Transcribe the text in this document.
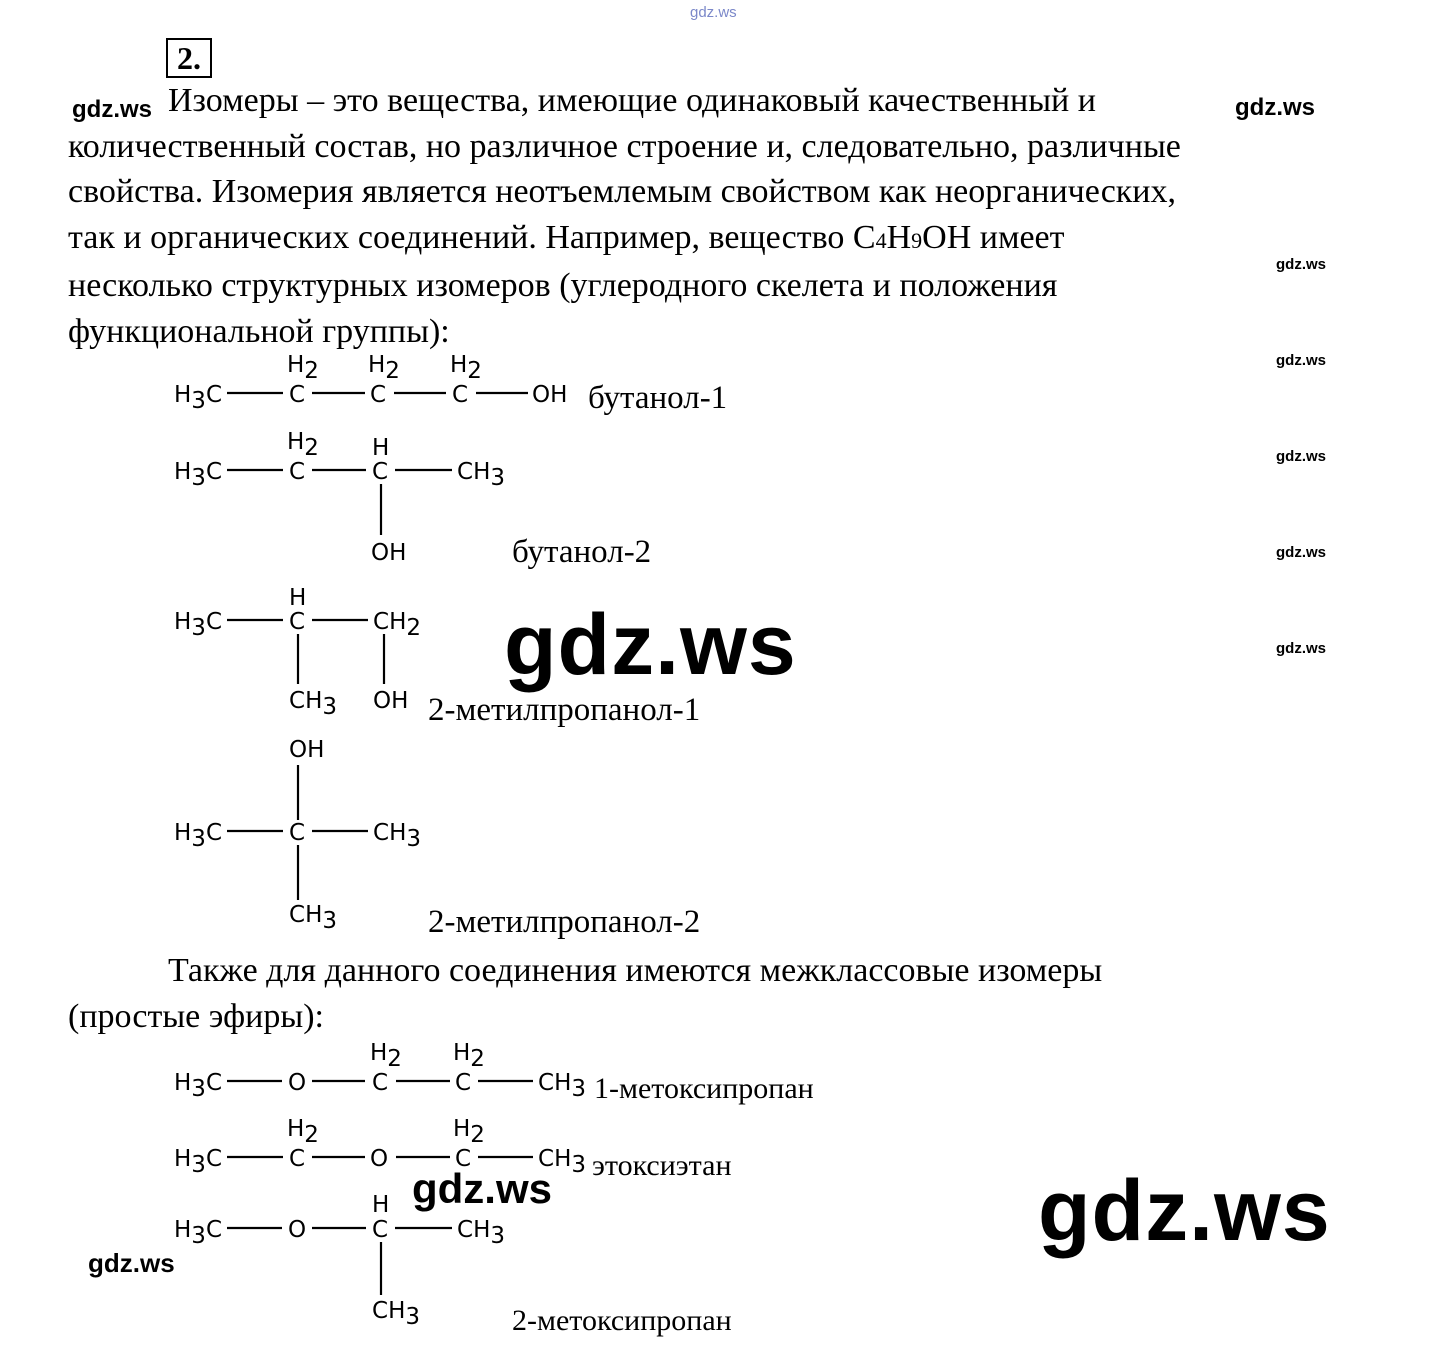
gdz.ws
2.
Изомеры – это вещества, имеющие одинаковый качественный и
количественный состав, но различное строение и, следовательно, различные
свойства. Изомерия является неотъемлемым свойством как неорганических,
так и органических соединений. Например, вещество С4Н9ОН имеет
несколько структурных изомеров (углеродного скелета и положения
функциональной группы):
gdz.ws	gdz.ws
gdz.ws
gdz.ws
gdz.ws
gdz.ws
gdz.ws
gdz.ws
H3C	C
H2
C
H2
C
H2
OH
H3C	C
H2
C
H
CH3
OH
H3C	C
H
CH2
CH3 OH
OH
H3C	C	CH3
CH3
H3C	O	C
H2
C
H2
CH3
H3C	C
H2
O	C
H2
CH3
H3C	O	C
H
CH3
CH3
бутанол-1
бутанол-2
2-метилпропанол-1
2-метилпропанол-2
Также для данного соединения имеются межклассовые изомеры
(простые эфиры):
1-метоксипропан
этоксиэтан
2-метоксипропан
gdz.ws
gdz.ws	gdz.ws
